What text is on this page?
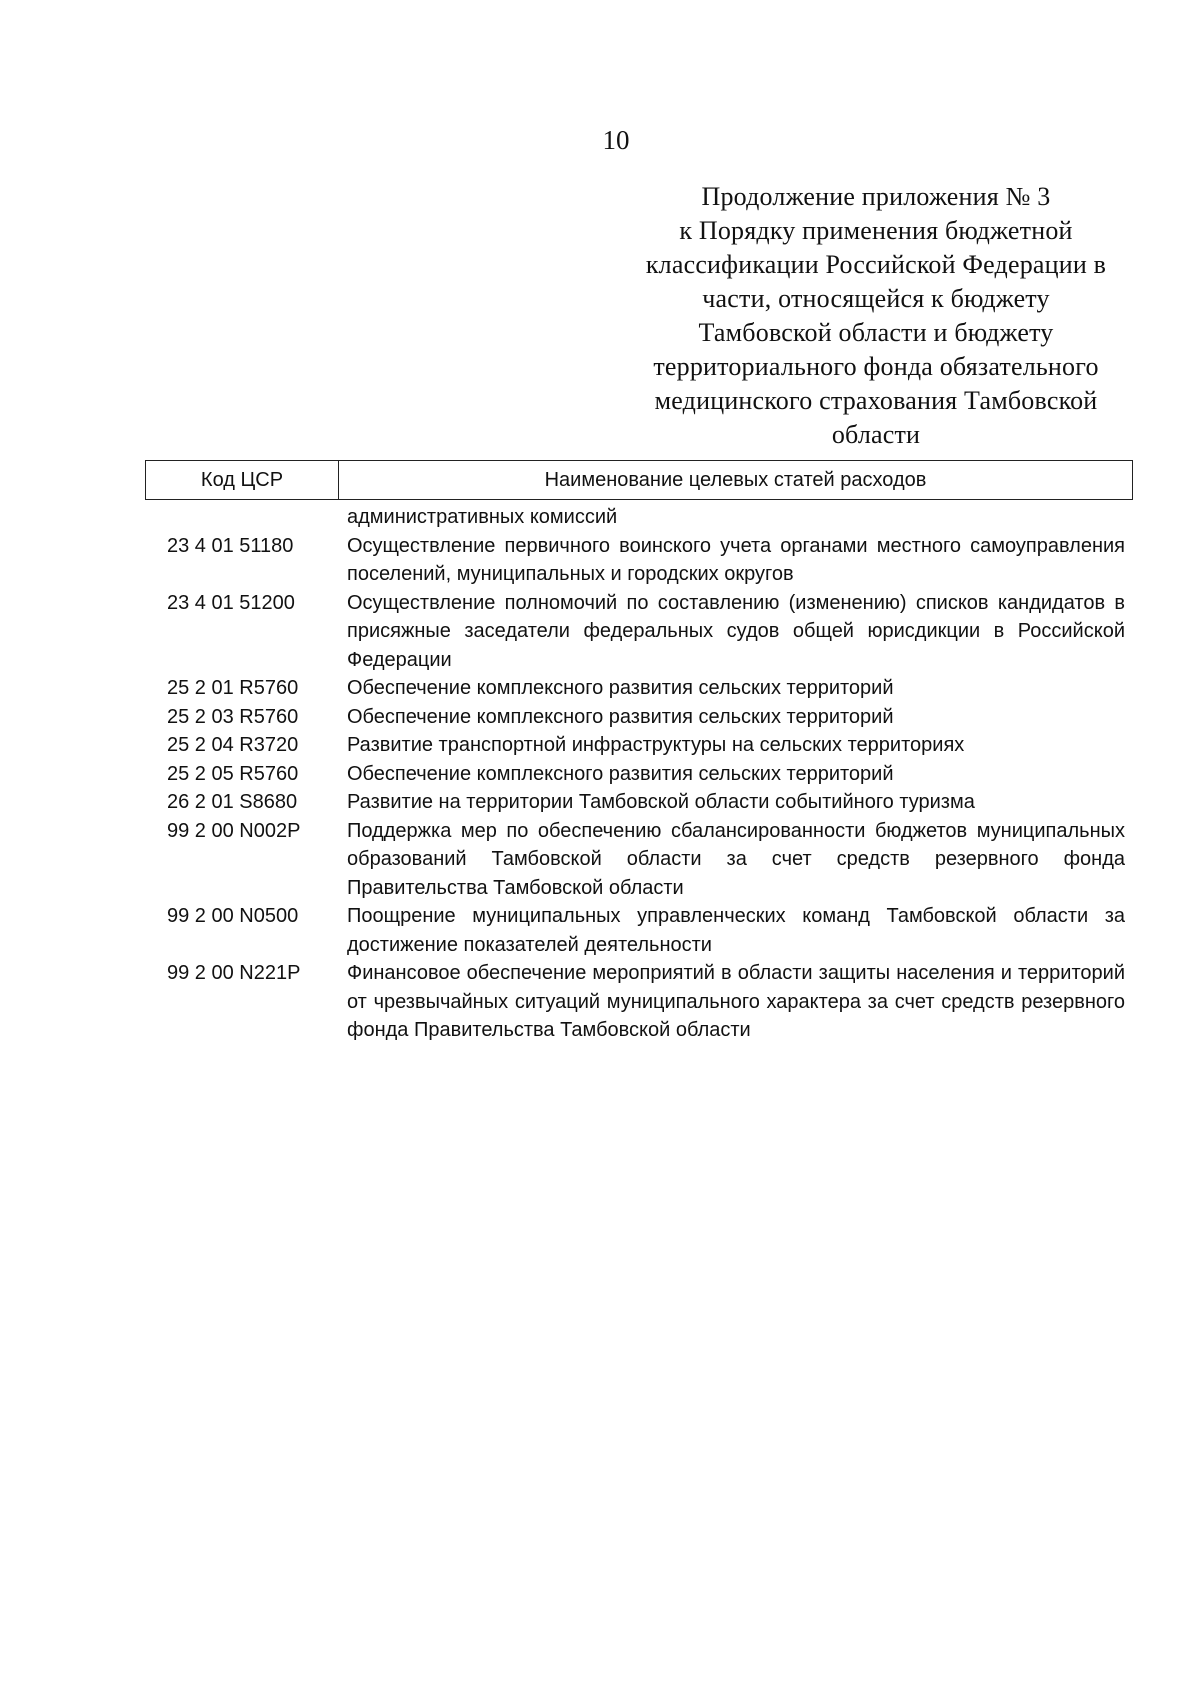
10
Продолжение приложения № 3
к Порядку применения бюджетной
классификации Российской Федерации в
части, относящейся к бюджету
Тамбовской области и бюджету
территориального фонда обязательного
медицинского страхования Тамбовской
области
Код ЦСР	Наименование целевых статей расходов
административных комиссий
23 4 01 51180	Осуществление первичного воинского учета органами местного самоуправления поселений, муниципальных и городских округов
23 4 01 51200	Осуществление полномочий по составлению (изменению) списков кандидатов в присяжные заседатели федеральных судов общей юрисдикции в Российской Федерации
25 2 01 R5760	Обеспечение комплексного развития сельских территорий
25 2 03 R5760	Обеспечение комплексного развития сельских территорий
25 2 04 R3720	Развитие транспортной инфраструктуры на сельских территориях
25 2 05 R5760	Обеспечение комплексного развития сельских территорий
26 2 01 S8680	Развитие на территории Тамбовской области событийного туризма
99 2 00 N002P	Поддержка мер по обеспечению сбалансированности бюджетов муниципальных образований Тамбовской области за счет средств резервного фонда Правительства Тамбовской области
99 2 00 N0500	Поощрение муниципальных управленческих команд Тамбовской области за достижение показателей деятельности
99 2 00 N221P	Финансовое обеспечение мероприятий в области защиты населения и территорий от чрезвычайных ситуаций муниципального характера за счет средств резервного фонда Правительства Тамбовской области
